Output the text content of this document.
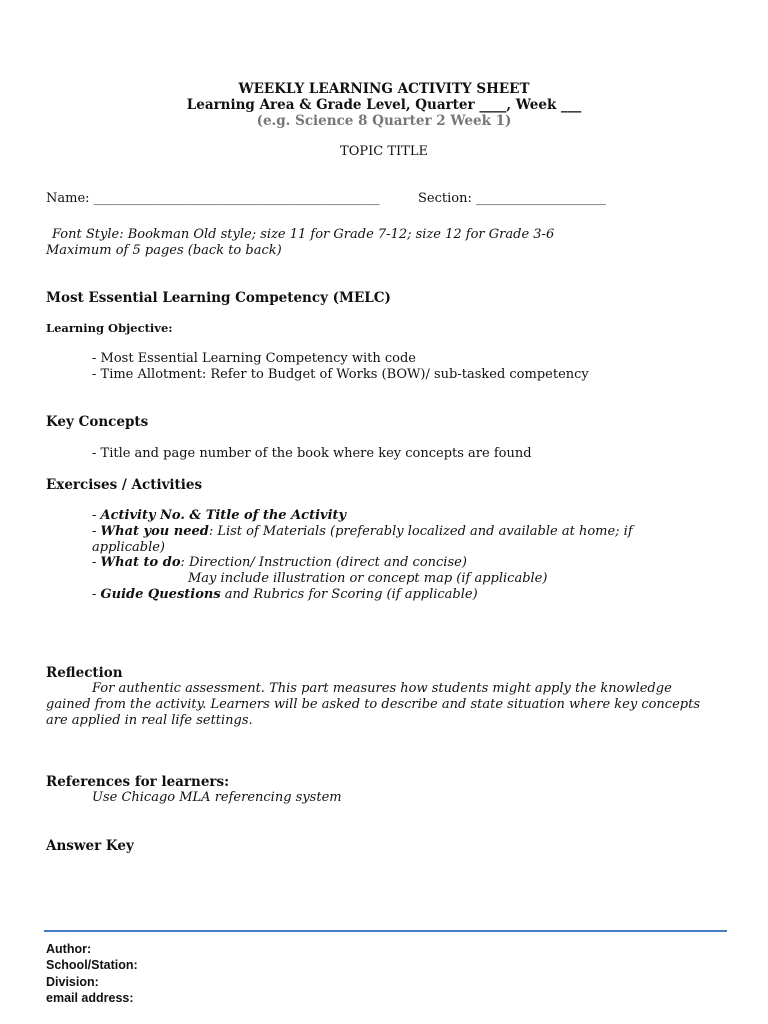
WEEKLY LEARNING ACTIVITY SHEET
Learning Area & Grade Level, Quarter ____, Week ___
(e.g. Science 8 Quarter 2 Week 1)
TOPIC TITLE
Name: ____________________________________________	Section: ____________________
Font Style: Bookman Old style; size 11 for Grade 7-12; size 12 for Grade 3-6
Maximum of 5 pages (back to back)
Most Essential Learning Competency (MELC)
Learning Objective:
- Most Essential Learning Competency with code
- Time Allotment: Refer to Budget of Works (BOW)/ sub-tasked competency
Key Concepts
- Title and page number of the book where key concepts are found
Exercises / Activities
- Activity No. & Title of the Activity
- What you need: List of Materials (preferably localized and available at home; if
applicable)
- What to do: Direction/ Instruction (direct and concise)
May include illustration or concept map (if applicable)
- Guide Questions and Rubrics for Scoring (if applicable)
Reflection
For authentic assessment. This part measures how students might apply the knowledge
gained from the activity. Learners will be asked to describe and state situation where key concepts
are applied in real life settings.
References for learners:
Use Chicago MLA referencing system
Answer Key
Author:
School/Station:
Division:
email address:
